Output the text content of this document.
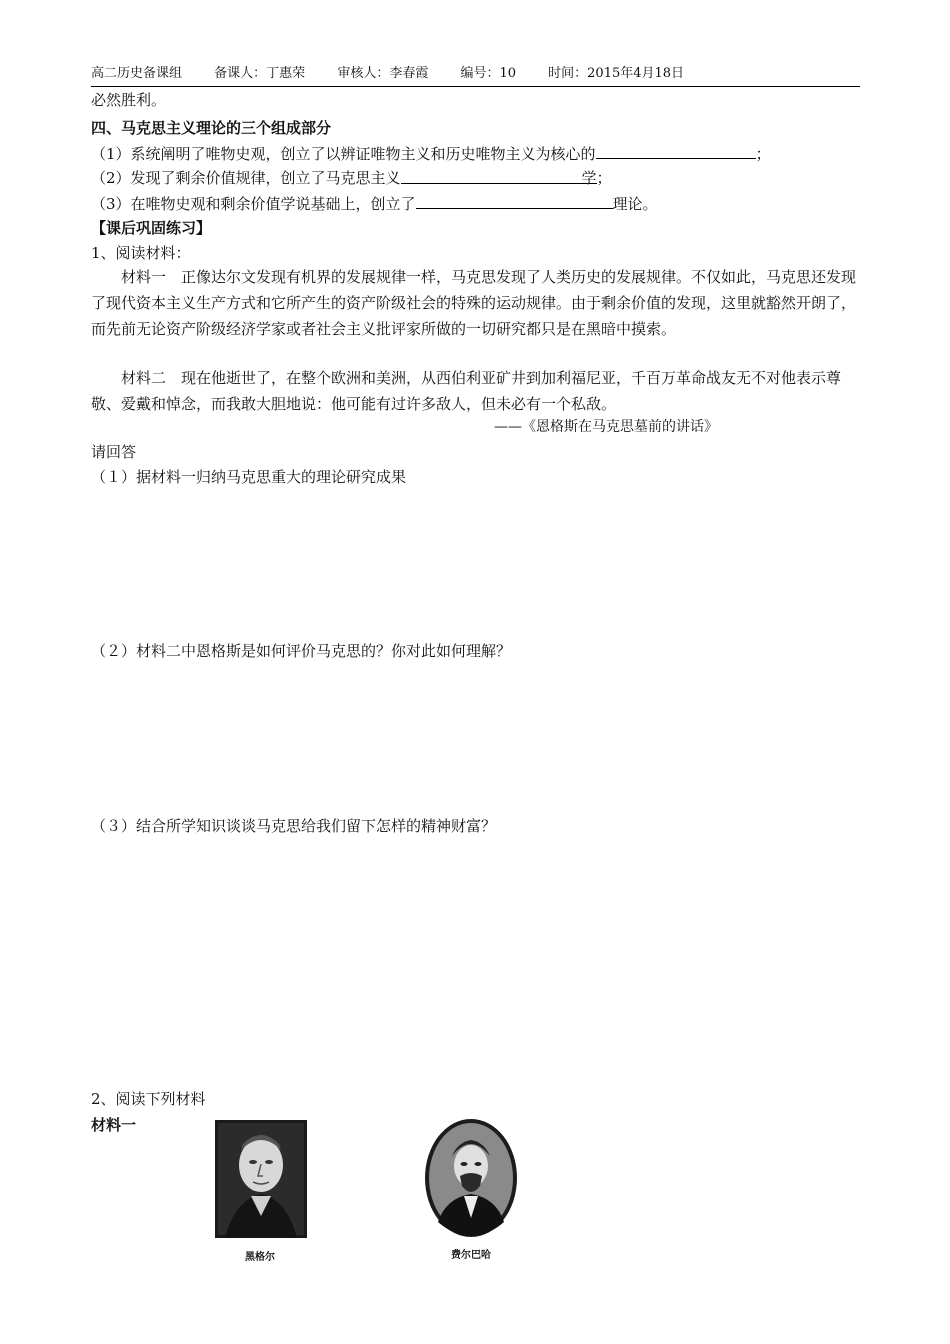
高二历史备课组 备课人：丁惠荣 审核人：李春霞 编号：10 时间：2015年4月18日
必然胜利。
四、马克思主义理论的三个组成部分
（1）系统阐明了唯物史观，创立了以辨证唯物主义和历史唯物主义为核心的	；
（2）发现了剩余价值规律，创立了马克思主义	学；
（3）在唯物史观和剩余价值学说基础上，创立了	理论。
【课后巩固练习】
1、阅读材料：
材料一　正像达尔文发现有机界的发展规律一样，马克思发现了人类历史的发展规律。不仅如此，马克思还发现了现代资本主义生产方式和它所产生的资产阶级社会的特殊的运动规律。由于剩余价值的发现，这里就豁然开朗了，而先前无论资产阶级经济学家或者社会主义批评家所做的一切研究都只是在黑暗中摸索。
材料二　现在他逝世了，在整个欧洲和美洲，从西伯利亚矿井到加利福尼亚，千百万革命战友无不对他表示尊敬、爱戴和悼念，而我敢大胆地说：他可能有过许多敌人，但未必有一个私敌。
——《恩格斯在马克思墓前的讲话》
请回答
（１）据材料一归纳马克思重大的理论研究成果
（２）材料二中恩格斯是如何评价马克思的？你对此如何理解？
（３）结合所学知识谈谈马克思给我们留下怎样的精神财富？
2、阅读下列材料
材料一
黑格尔	费尔巴哈
